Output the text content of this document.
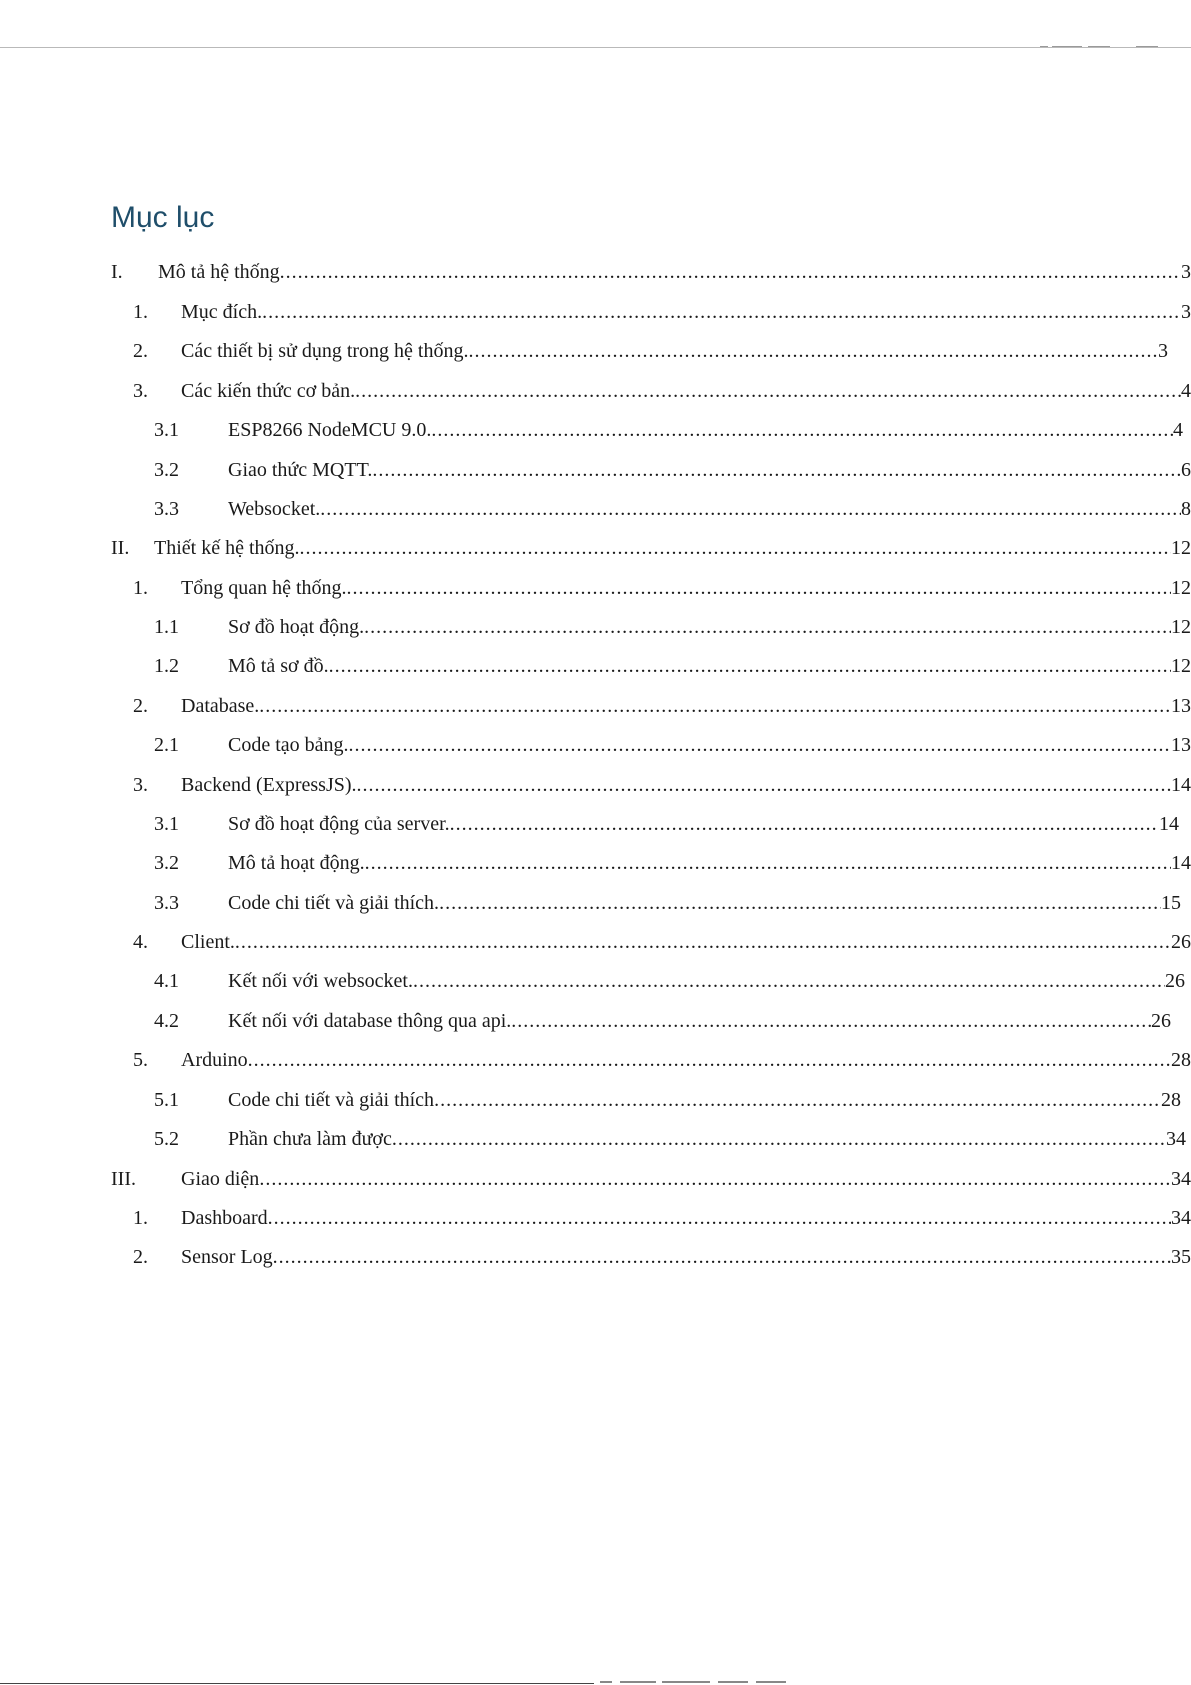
Mục lục
I. Mô tả hệ thống .....	3
1. Mục đích. .....	3
2. Các thiết bị sử dụng trong hệ thống. .....	3
3. Các kiến thức cơ bản. .....	4
3.1 ESP8266 NodeMCU 9.0. .....	4
3.2 Giao thức MQTT. .....	6
3.3 Websocket. .....	8
II. Thiết kế hệ thống. .....	12
1. Tổng quan hệ thống. .....	12
1.1 Sơ đồ hoạt động. .....	12
1.2 Mô tả sơ đồ. .....	12
2. Database. .....	13
2.1 Code tạo bảng. .....	13
3. Backend (ExpressJS). .....	14
3.1 Sơ đồ hoạt động của server. .....	14
3.2 Mô tả hoạt động. .....	14
3.3 Code chi tiết và giải thích. .....	15
4. Client. .....	26
4.1 Kết nối với websocket. .....	26
4.2 Kết nối với database thông qua api. .....	26
5. Arduino .....	28
5.1 Code chi tiết và giải thích .....	28
5.2 Phần chưa làm được .....	34
III. Giao diện .....	34
1. Dashboard .....	34
2. Sensor Log .....	35
